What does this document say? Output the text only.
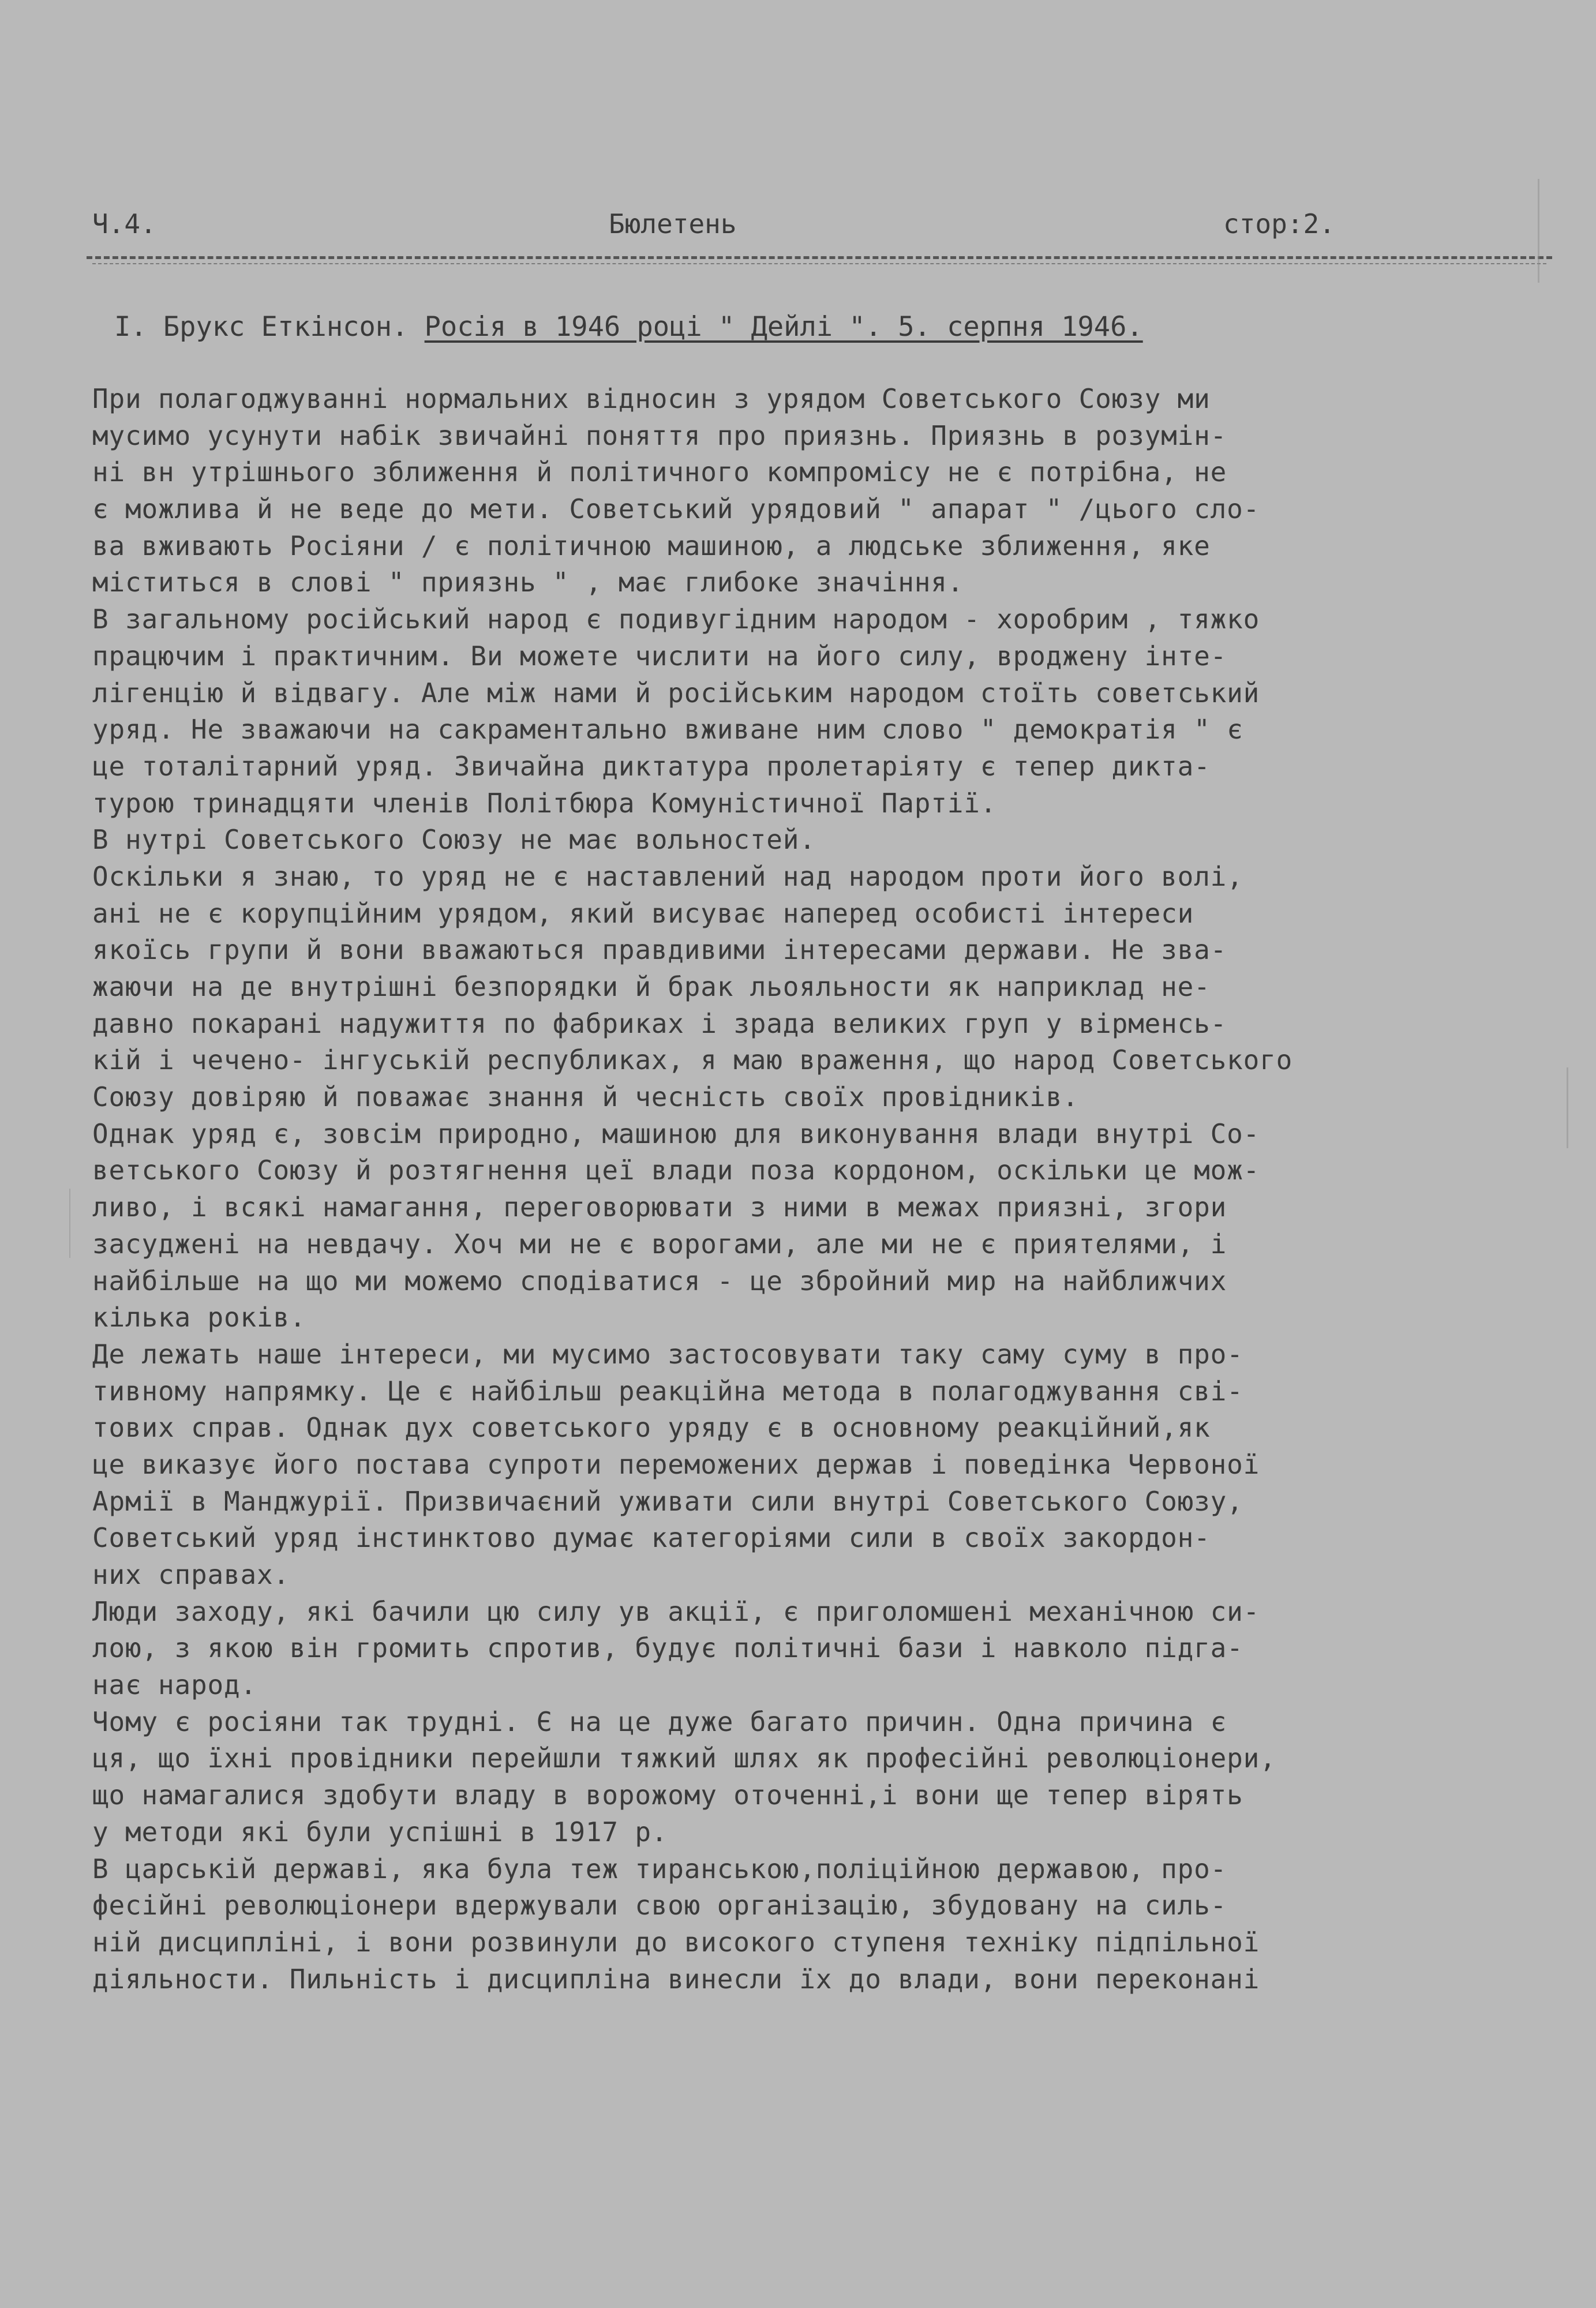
Ч.4.	Бюлетень	стор:2.
I. Брукс Еткінсон. Росія в 1946 році " Дейлі ". 5. серпня 1946.
При полагоджуванні нормальних відносин з урядом Советського Союзу ми
мусимо усунути набік звичайні поняття про приязнь. Приязнь в розумін-
ні вн утрішнього зближення й політичного компромісу не є потрібна, не
є можлива й не веде до мети. Советський урядовий " апарат " /цього сло-
ва вживають Росіяни / є політичною машиною, а людське зближення, яке
міститься в слові " приязнь " , має глибоке значіння.
В загальному російський народ є подивугідним народом - хоробрим , тяжко
працючим і практичним. Ви можете числити на його силу, вроджену інте-
лігенцію й відвагу. Але між нами й російським народом стоїть советський
уряд. Не зважаючи на сакраментально вживане ним слово " демократія " є
це тоталітарний уряд. Звичайна диктатура пролетаріяту є тепер дикта-
турою тринадцяти членів Політбюра Комуністичної Партії.
В нутрі Советського Союзу не має вольностей.
Оскільки я знаю, то уряд не є наставлений над народом проти його волі,
ані не є корупційним урядом, який висуває наперед особисті інтереси
якоїсь групи й вони вважаються правдивими інтересами держави. Не зва-
жаючи на де внутрішні безпорядки й брак льояльности як наприклад не-
давно покарані надужиття по фабриках і зрада великих груп у вірменсь-
кій і чечено- інгуській республиках, я маю враження, що народ Советського
Союзу довіряю й поважає знання й чесність своїх провідників.
Однак уряд є, зовсім природно, машиною для виконування влади внутрі Со-
ветського Союзу й розтягнення цеї влади поза кордоном, оскільки це мож-
ливо, і всякі намагання, переговорювати з ними в межах приязні, згори
засуджені на невдачу. Хоч ми не є ворогами, але ми не є приятелями, і
найбільше на що ми можемо сподіватися - це збройний мир на найближчих
кілька років.
Де лежать наше інтереси, ми мусимо застосовувати таку саму суму в про-
тивному напрямку. Це є найбільш реакційна метода в полагоджування сві-
тових справ. Однак дух советського уряду є в основному реакційний,як
це виказує його постава супроти переможених держав і поведінка Червоної
Армії в Манджурії. Призвичаєний уживати сили внутрі Советського Союзу,
Советський уряд інстинктово думає категоріями сили в своїх закордон-
них справах.
Люди заходу, які бачили цю силу ув акції, є приголомшені механічною си-
лою, з якою він громить спротив, будує політичні бази і навколо підга-
нає народ.
Чому є росіяни так трудні. Є на це дуже багато причин. Одна причина є
ця, що їхні провідники перейшли тяжкий шлях як професійні революціонери,
що намагалися здобути владу в ворожому оточенні,і вони ще тепер вірять
у методи які були успішні в 1917 р.
В царській державі, яка була теж тиранською,поліційною державою, про-
фесійні революціонери вдержували свою організацію, збудовану на силь-
ній дисципліні, і вони розвинули до високого ступеня техніку підпільної
діяльности. Пильність і дисципліна винесли їх до влади, вони переконані
